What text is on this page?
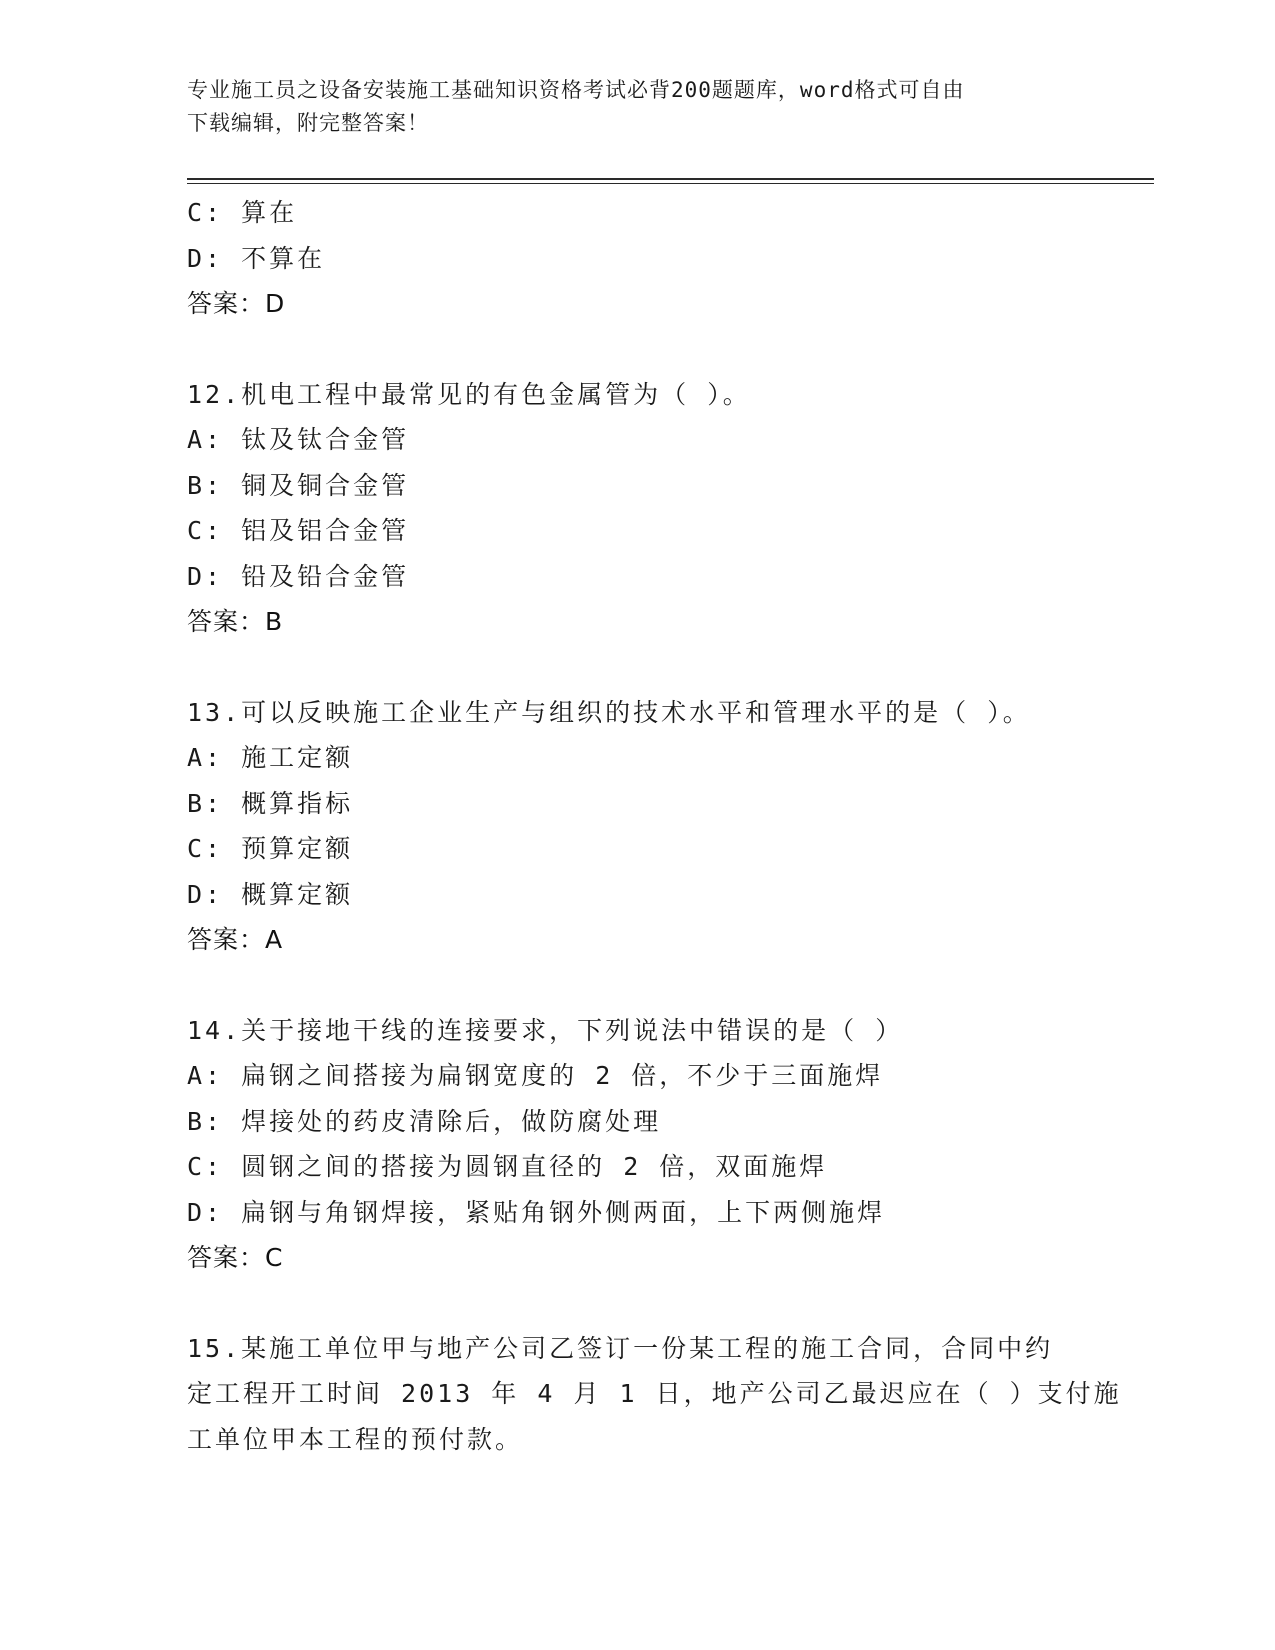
专业施工员之设备安装施工基础知识资格考试必背200题题库，word格式可自由
下载编辑，附完整答案！
C: 算在
D: 不算在
答案：D
12.机电工程中最常见的有色金属管为（ ）。
A: 钛及钛合金管
B: 铜及铜合金管
C: 铝及铝合金管
D: 铅及铅合金管
答案：B
13.可以反映施工企业生产与组织的技术水平和管理水平的是（ ）。
A: 施工定额
B: 概算指标
C: 预算定额
D: 概算定额
答案：A
14.关于接地干线的连接要求，下列说法中错误的是（ ）
A: 扁钢之间搭接为扁钢宽度的 2 倍，不少于三面施焊
B: 焊接处的药皮清除后，做防腐处理
C: 圆钢之间的搭接为圆钢直径的 2 倍，双面施焊
D: 扁钢与角钢焊接，紧贴角钢外侧两面，上下两侧施焊
答案：C
15.某施工单位甲与地产公司乙签订一份某工程的施工合同，合同中约
定工程开工时间 2013 年 4 月 1 日，地产公司乙最迟应在（ ）支付施
工单位甲本工程的预付款。
